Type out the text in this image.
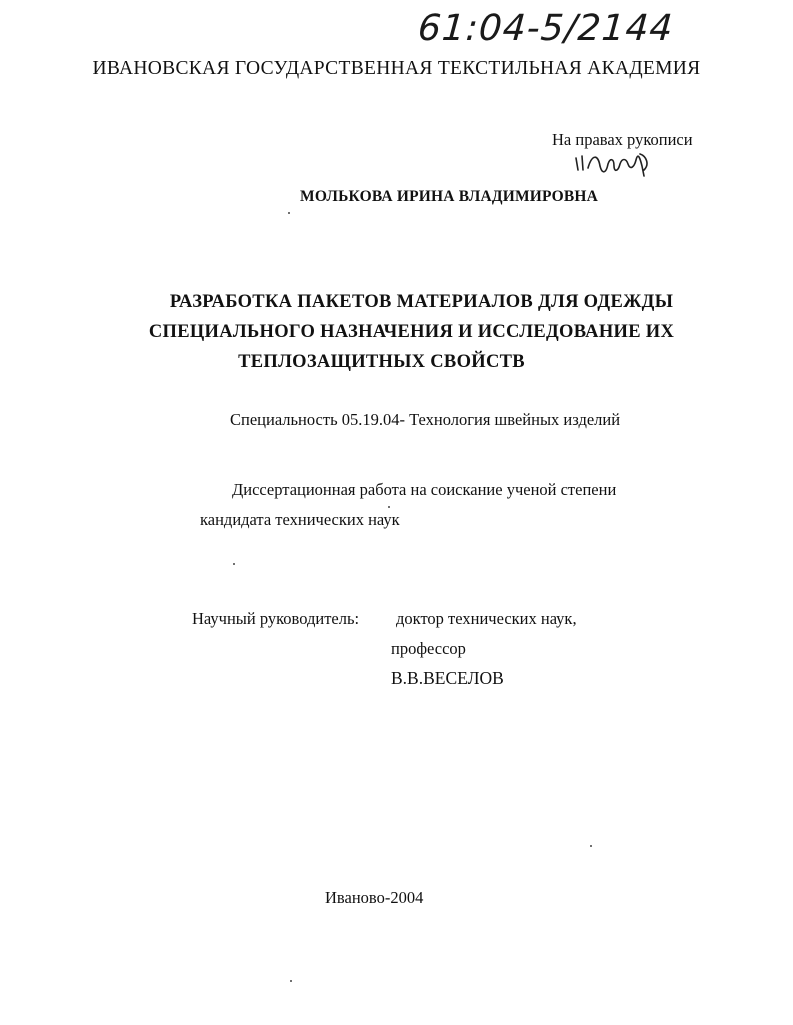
61:04-5/2144
ИВАНОВСКАЯ ГОСУДАРСТВЕННАЯ ТЕКСТИЛЬНАЯ АКАДЕМИЯ
На правах рукописи
МОЛЬКОВА ИРИНА ВЛАДИМИРОВНА
РАЗРАБОТКА ПАКЕТОВ МАТЕРИАЛОВ ДЛЯ ОДЕЖДЫ
СПЕЦИАЛЬНОГО НАЗНАЧЕНИЯ И ИССЛЕДОВАНИЕ ИХ
ТЕПЛОЗАЩИТНЫХ СВОЙСТВ
Специальность 05.19.04- Технология швейных изделий
Диссертационная работа на соискание ученой степени
кандидата технических наук
Научный руководитель: доктор технических наук,
профессор
В.В.ВЕСЕЛОВ
Иваново-2004
